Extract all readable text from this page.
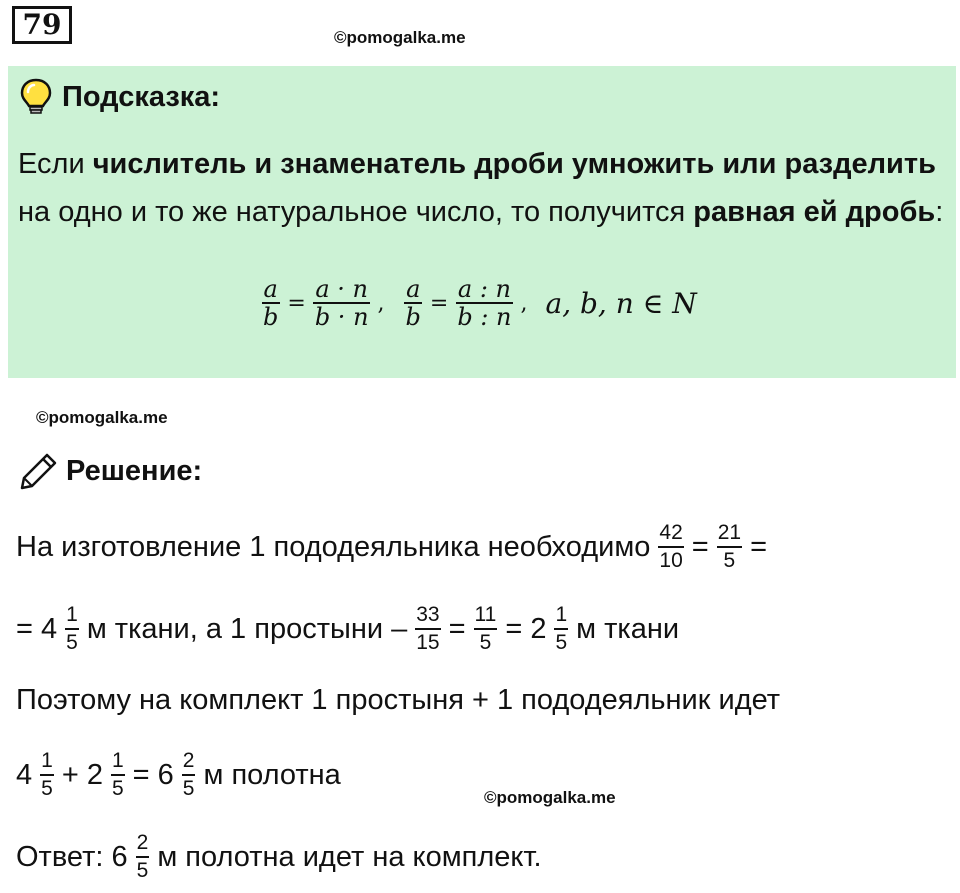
79	©pomogalka.me
Подсказка:
Если числитель и знаменатель дроби умножить или разделить на одно и то же натуральное число, то получится равная ей дробь:
$\frac{a}{b} = \frac{a \cdot n}{b \cdot n}$ , $\frac{a}{b} = \frac{a : n}{b : n}$ , a, b, n ∈ N
©pomogalka.me
Решение:
На изготовление 1 пододеяльника необходимо $\frac{42}{10} = \frac{21}{5}$ =
= $4 \frac{1}{5}$ м ткани, а 1 простыни – $\frac{33}{15} = \frac{11}{5} = 2 \frac{1}{5}$ м ткани
Поэтому на комплект 1 простыня + 1 пододеяльник идет
$4 \frac{1}{5} + 2 \frac{1}{5} = 6 \frac{2}{5}$ м полотна
©pomogalka.me
Ответ: $6 \frac{2}{5}$ м полотна идет на комплект.
